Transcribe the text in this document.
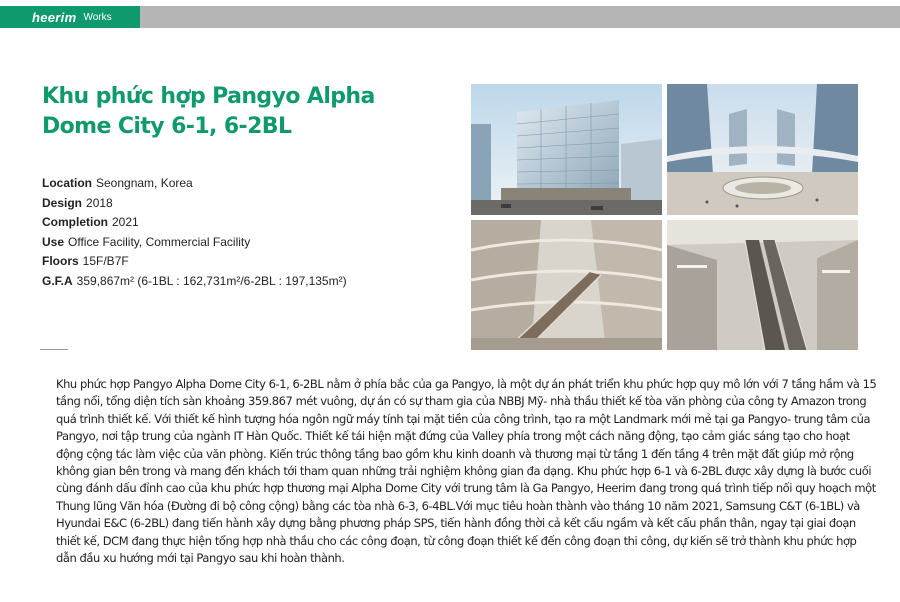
heerim Works
Khu phức hợp Pangyo Alpha Dome City 6-1, 6-2BL
Location Seongnam, Korea
Design 2018
Completion 2021
Use Office Facility, Commercial Facility
Floors 15F/B7F
G.F.A 359,867m² (6-1BL : 162,731m²/6-2BL : 197,135m²)

Khu phức hợp Pangyo Alpha Dome City 6-1, 6-2BL nằm ở phía bắc của ga Pangyo, là một dự án phát triển khu phức hợp quy mô lớn với 7 tầng hầm và 15 tầng nổi, tổng diện tích sàn khoảng 359.867 mét vuông, dự án có sự tham gia của NBBJ Mỹ- nhà thầu thiết kế tòa văn phòng của công ty Amazon trong quá trình thiết kế. Với thiết kế hình tượng hóa ngôn ngữ máy tính tại mặt tiền của công trình, tạo ra một Landmark mới mẻ tại ga Pangyo- trung tâm của Pangyo, nơi tập trung của ngành IT Hàn Quốc. Thiết kế tái hiện mặt đứng của Valley phía trong một cách năng động, tạo cảm giác sáng tạo cho hoạt động cộng tác làm việc của văn phòng. Kiến trúc thông tầng bao gồm khu kinh doanh và thương mại từ tầng 1 đến tầng 4 trên mặt đất giúp mở rộng không gian bên trong và mang đến khách tới tham quan những trải nghiệm không gian đa dạng. Khu phức hợp 6-1 và 6-2BL được xây dựng là bước cuối cùng đánh dấu đỉnh cao của khu phức hợp thương mại Alpha Dome City với trung tâm là Ga Pangyo, Heerim đang trong quá trình tiếp nối quy hoạch một Thung lũng Văn hóa (Đường đi bộ công cộng) bằng các tòa nhà 6-3, 6-4BL.Với mục tiêu hoàn thành vào tháng 10 năm 2021, Samsung C&T (6-1BL) và Hyundai E&C (6-2BL) đang tiến hành xây dựng bằng phương pháp SPS, tiến hành đồng thời cả kết cấu ngầm và kết cấu phần thân, ngay tại giai đoạn thiết kế, DCM đang thực hiện tổng hợp nhà thầu cho các công đoạn, từ công đoạn thiết kế đến công đoạn thi công, dự kiến sẽ trở thành khu phức hợp dẫn đầu xu hướng mới tại Pangyo sau khi hoàn thành.
